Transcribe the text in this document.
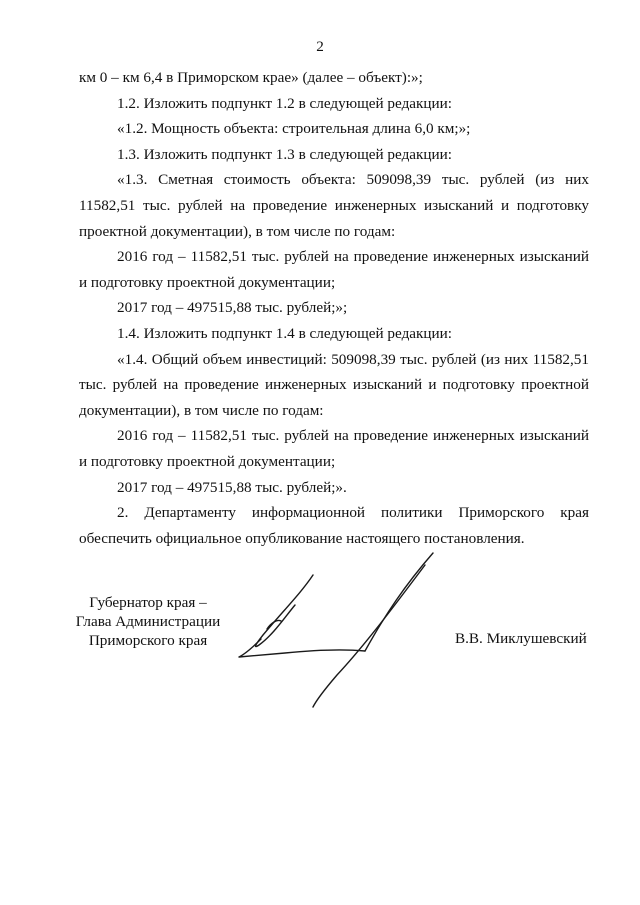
2

км 0 – км 6,4 в Приморском крае» (далее – объект):»;

1.2. Изложить подпункт 1.2 в следующей редакции:

«1.2. Мощность объекта: строительная длина 6,0 км;»;

1.3. Изложить подпункт 1.3 в следующей редакции:

«1.3. Сметная стоимость объекта: 509098,39 тыс. рублей (из них 11582,51 тыс. рублей на проведение инженерных изысканий и подготовку проектной документации), в том числе по годам:

2016 год – 11582,51 тыс. рублей на проведение инженерных изысканий и подготовку проектной документации;

2017 год – 497515,88 тыс. рублей;»;

1.4. Изложить подпункт 1.4 в следующей редакции:

«1.4. Общий объем инвестиций: 509098,39 тыс. рублей (из них 11582,51 тыс. рублей на проведение инженерных изысканий и подготовку проектной документации), в том числе по годам:

2016 год – 11582,51 тыс. рублей на проведение инженерных изысканий и подготовку проектной документации;

2017 год – 497515,88 тыс. рублей;».

2. Департаменту информационной политики Приморского края обеспечить официальное опубликование настоящего постановления.

Губернатор края –
Глава Администрации
Приморского края	В.В. Миклушевский
